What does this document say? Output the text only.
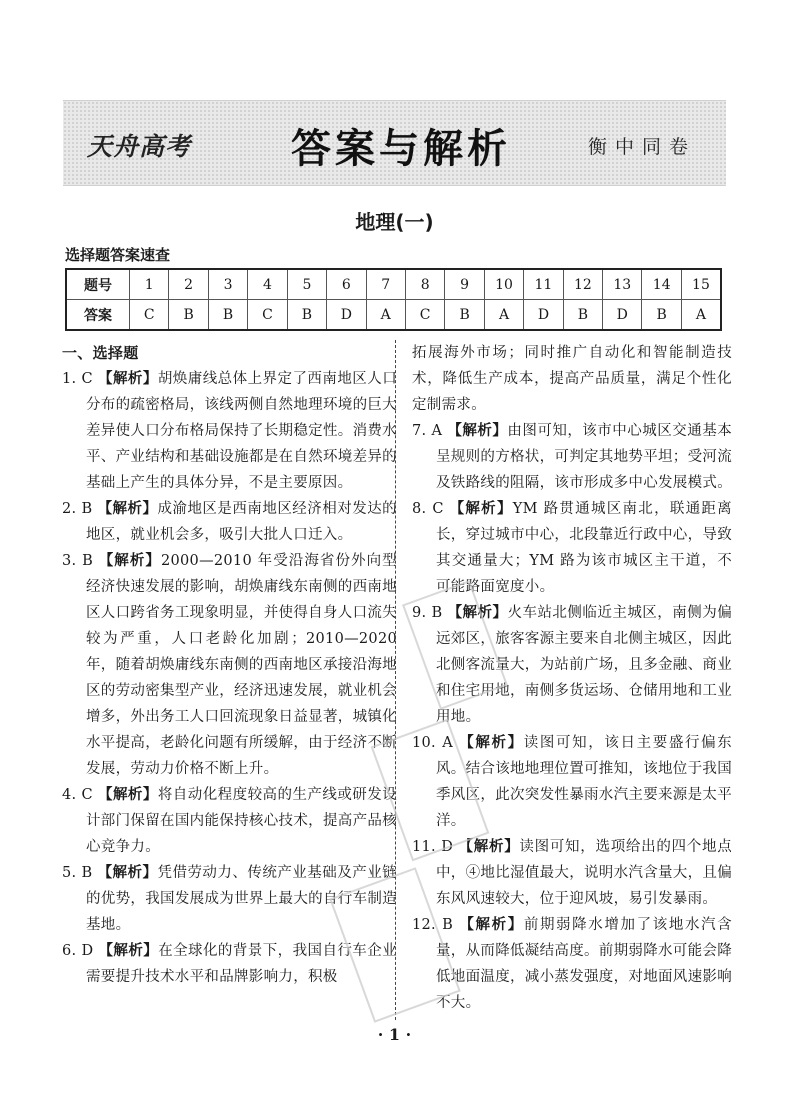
天舟高考 答案与解析	衡中同卷
地理(一)
选择题答案速查
题号	1	2	3	4	5	6	7	8	9	10	11	12	13	14	15
答案	C	B	B	C	B	D	A	C	B	A	D	B	D	B	A
一、选择题
1. C 【解析】胡焕庸线总体上界定了西南地区人口分布的疏密格局，该线两侧自然地理环境的巨大差异使人口分布格局保持了长期稳定性。消费水平、产业结构和基础设施都是在自然环境差异的基础上产生的具体分异，不是主要原因。
2. B 【解析】成渝地区是西南地区经济相对发达的地区，就业机会多，吸引大批人口迁入。
3. B 【解析】2000—2010 年受沿海省份外向型经济快速发展的影响，胡焕庸线东南侧的西南地区人口跨省务工现象明显，并使得自身人口流失较为严重，人口老龄化加剧；2010—2020 年，随着胡焕庸线东南侧的西南地区承接沿海地区的劳动密集型产业，经济迅速发展，就业机会增多，外出务工人口回流现象日益显著，城镇化水平提高，老龄化问题有所缓解，由于经济不断发展，劳动力价格不断上升。
4. C 【解析】将自动化程度较高的生产线或研发设计部门保留在国内能保持核心技术，提高产品核心竞争力。
5. B 【解析】凭借劳动力、传统产业基础及产业链的优势，我国发展成为世界上最大的自行车制造基地。
6. D 【解析】在全球化的背景下，我国自行车企业需要提升技术水平和品牌影响力，积极
拓展海外市场；同时推广自动化和智能制造技术，降低生产成本，提高产品质量，满足个性化定制需求。
7. A 【解析】由图可知，该市中心城区交通基本呈规则的方格状，可判定其地势平坦；受河流及铁路线的阻隔，该市形成多中心发展模式。
8. C 【解析】YM 路贯通城区南北，联通距离长，穿过城市中心，北段靠近行政中心，导致其交通量大；YM 路为该市城区主干道，不可能路面宽度小。
9. B 【解析】火车站北侧临近主城区，南侧为偏远郊区，旅客客源主要来自北侧主城区，因此北侧客流量大，为站前广场，且多金融、商业和住宅用地，南侧多货运场、仓储用地和工业用地。
10. A 【解析】读图可知，该日主要盛行偏东风。结合该地地理位置可推知，该地位于我国季风区，此次突发性暴雨水汽主要来源是太平洋。
11. D 【解析】读图可知，选项给出的四个地点中，④地比湿值最大，说明水汽含量大，且偏东风风速较大，位于迎风坡，易引发暴雨。
12. B 【解析】前期弱降水增加了该地水汽含量，从而降低凝结高度。前期弱降水可能会降低地面温度，减小蒸发强度，对地面风速影响不大。
· 1 ·
